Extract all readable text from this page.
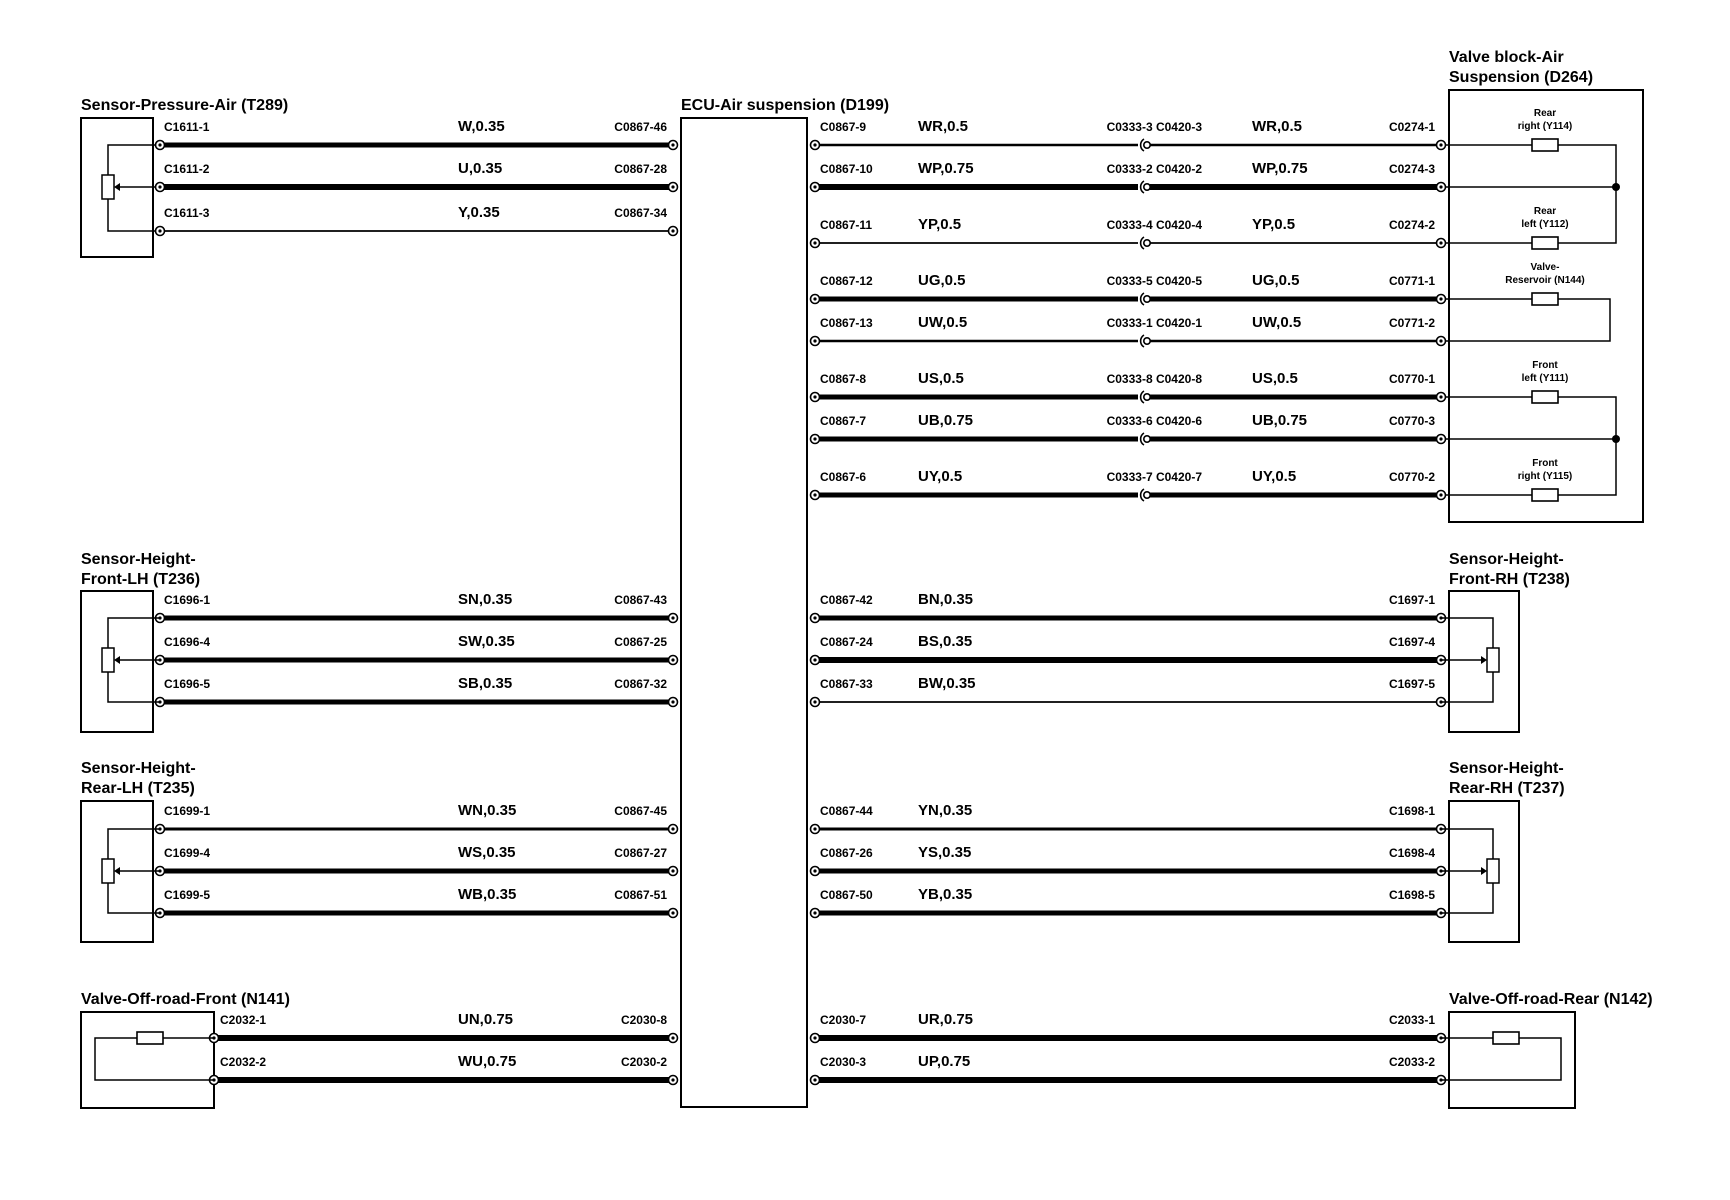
ECU-Air suspension (D199)
Sensor-Pressure-Air (T289)
Valve block-Air
Suspension (D264)
Sensor-Height-
Front-LH (T236)
Sensor-Height-
Rear-LH (T235)
Sensor-Height-
Front-RH (T238)
Sensor-Height-
Rear-RH (T237)
Valve-Off-road-Front (N141)	Valve-Off-road-Rear (N142)
C1611-1	W,0.35	C0867-46
C1611-2	U,0.35	C0867-28
C1611-3	Y,0.35	C0867-34
C1696-1	SN,0.35	C0867-43
C1696-4	SW,0.35	C0867-25
C1696-5	SB,0.35	C0867-32
C1699-1	WN,0.35	C0867-45
C1699-4	WS,0.35	C0867-27
C1699-5	WB,0.35	C0867-51
C2032-1	UN,0.75	C2030-8
C2032-2	WU,0.75	C2030-2
C0867-9	WR,0.5	C0333-3 C0420-3	WR,0.5	C0274-1
C0867-10	WP,0.75	C0333-2 C0420-2	WP,0.75	C0274-3
C0867-11	YP,0.5	C0333-4 C0420-4	YP,0.5	C0274-2
C0867-12	UG,0.5	C0333-5 C0420-5	UG,0.5	C0771-1
C0867-13	UW,0.5	C0333-1 C0420-1	UW,0.5	C0771-2
C0867-8	US,0.5	C0333-8 C0420-8	US,0.5	C0770-1
C0867-7	UB,0.75	C0333-6 C0420-6	UB,0.75	C0770-3
C0867-6	UY,0.5	C0333-7 C0420-7	UY,0.5	C0770-2
Rear
right (Y114)
Rear
left (Y112)
Valve-
Reservoir (N144)
Front
left (Y111)
Front
right (Y115)
C0867-42	BN,0.35	C1697-1
C0867-24	BS,0.35	C1697-4
C0867-33	BW,0.35	C1697-5
C0867-44	YN,0.35	C1698-1
C0867-26	YS,0.35	C1698-4
C0867-50	YB,0.35	C1698-5
C2030-7	UR,0.75	C2033-1
C2030-3	UP,0.75	C2033-2
